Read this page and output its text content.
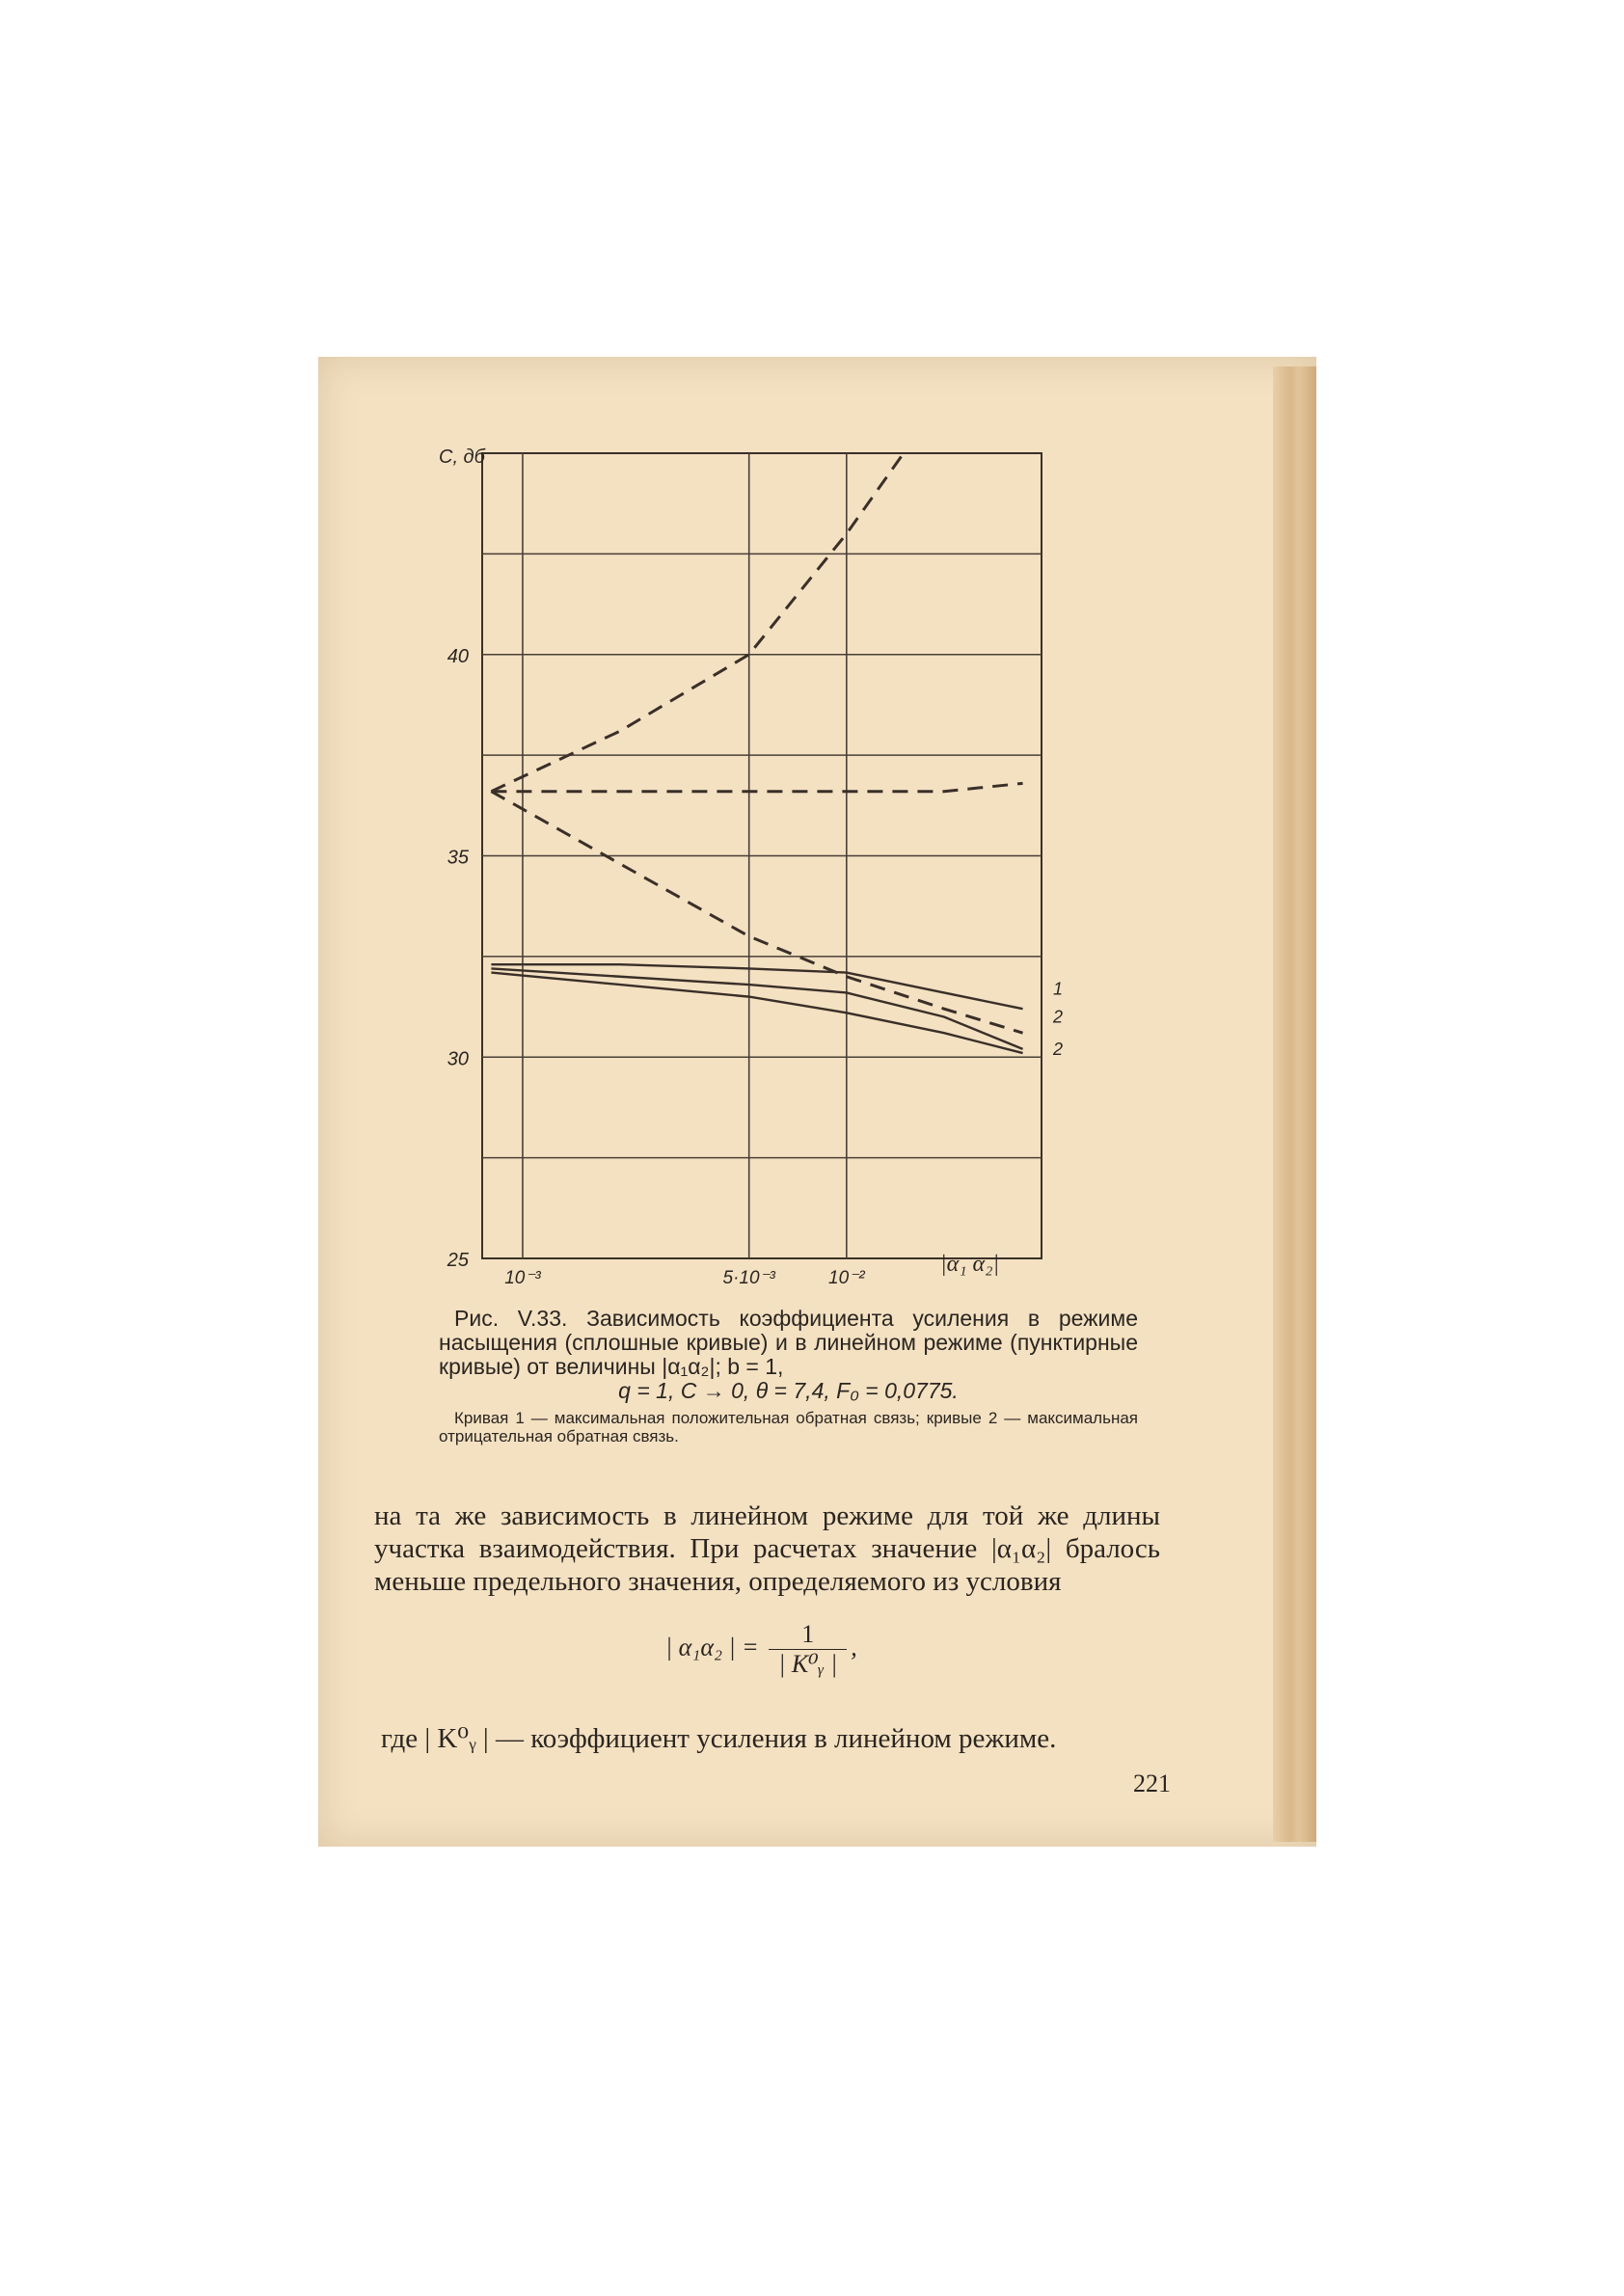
25
30
35
40
10⁻³	5·10⁻³	10⁻²
1
2
2
C, дб
|α₁ α₂|
Рис. V.33. Зависимость коэффициента усиления в режиме насыщения (сплошные кривые) и в линейном режиме (пунктирные кривые) от величины |α₁α₂|; b = 1,
q = 1, C → 0, θ = 7,4, F₀ = 0,0775.
Кривая 1 — максимальная положительная обратная связь; кривые 2 — максимальная отрицательная обратная связь.
на та же зависимость в линейном режиме для той же длины участка взаимодействия. При расчетах значение |α₁α₂| бралось меньше предельного значения, определяемого из условия
| α₁α₂ | = $\frac{1}{\text{| K⁰ᵧ |}}$ ,
где | K⁰ᵧ | — коэффициент усиления в линейном режиме.
221
